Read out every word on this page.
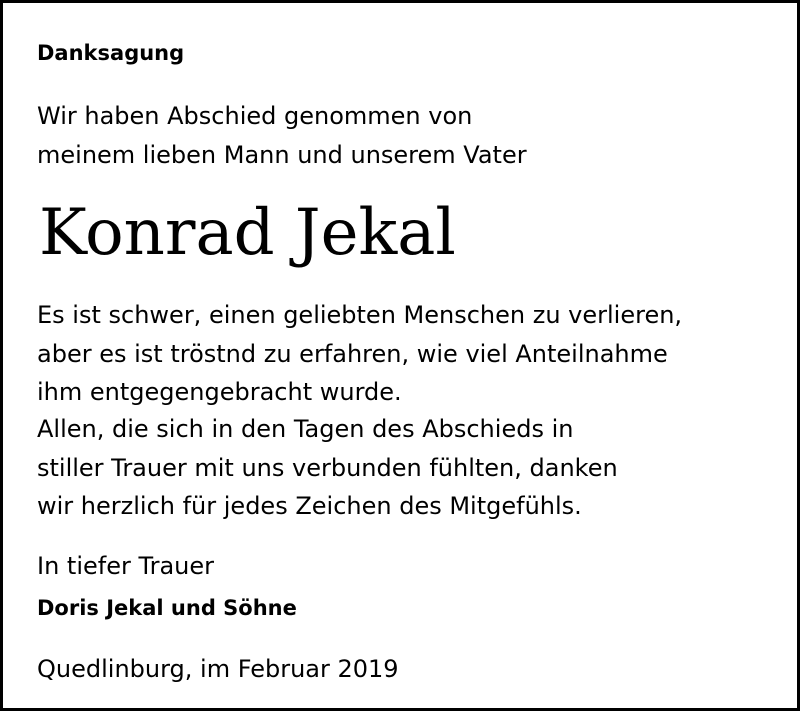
Danksagung
Wir haben Abschied genommen von
meinem lieben Mann und unserem Vater
Konrad Jekal
Es ist schwer, einen geliebten Menschen zu verlieren,
aber es ist tröstnd zu erfahren, wie viel Anteilnahme
ihm entgegengebracht wurde.
Allen, die sich in den Tagen des Abschieds in
stiller Trauer mit uns verbunden fühlten, danken
wir herzlich für jedes Zeichen des Mitgefühls.
In tiefer Trauer
Doris Jekal und Söhne
Quedlinburg, im Februar 2019
